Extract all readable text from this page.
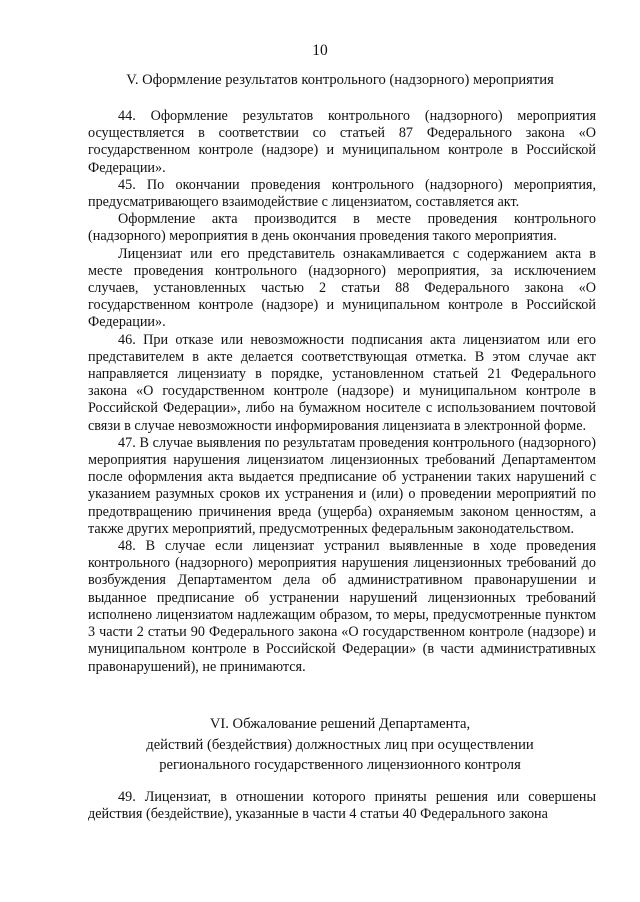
10
V. Оформление результатов контрольного (надзорного) мероприятия

44. Оформление результатов контрольного (надзорного) мероприятия осуществляется в соответствии со статьей 87 Федерального закона «О государственном контроле (надзоре) и муниципальном контроле в Российской Федерации».

45. По окончании проведения контрольного (надзорного) мероприятия, предусматривающего взаимодействие с лицензиатом, составляется акт.

Оформление акта производится в месте проведения контрольного (надзорного) мероприятия в день окончания проведения такого мероприятия.

Лицензиат или его представитель ознакамливается с содержанием акта в месте проведения контрольного (надзорного) мероприятия, за исключением случаев, установленных частью 2 статьи 88 Федерального закона «О государственном контроле (надзоре) и муниципальном контроле в Российской Федерации».

46. При отказе или невозможности подписания акта лицензиатом или его представителем в акте делается соответствующая отметка. В этом случае акт направляется лицензиату в порядке, установленном статьей 21 Федерального закона «О государственном контроле (надзоре) и муниципальном контроле в Российской Федерации», либо на бумажном носителе с использованием почтовой связи в случае невозможности информирования лицензиата в электронной форме.

47. В случае выявления по результатам проведения контрольного (надзорного) мероприятия нарушения лицензиатом лицензионных требований Департаментом после оформления акта выдается предписание об устранении таких нарушений с указанием разумных сроков их устранения и (или) о проведении мероприятий по предотвращению причинения вреда (ущерба) охраняемым законом ценностям, а также других мероприятий, предусмотренных федеральным законодательством.

48. В случае если лицензиат устранил выявленные в ходе проведения контрольного (надзорного) мероприятия нарушения лицензионных требований до возбуждения Департаментом дела об административном правонарушении и выданное предписание об устранении нарушений лицензионных требований исполнено лицензиатом надлежащим образом, то меры, предусмотренные пунктом 3 части 2 статьи 90 Федерального закона «О государственном контроле (надзоре) и муниципальном контроле в Российской Федерации» (в части административных правонарушений), не принимаются.

VI. Обжалование решений Департамента,
действий (бездействия) должностных лиц при осуществлении
регионального государственного лицензионного контроля

49. Лицензиат, в отношении которого приняты решения или совершены действия (бездействие), указанные в части 4 статьи 40 Федерального закона
